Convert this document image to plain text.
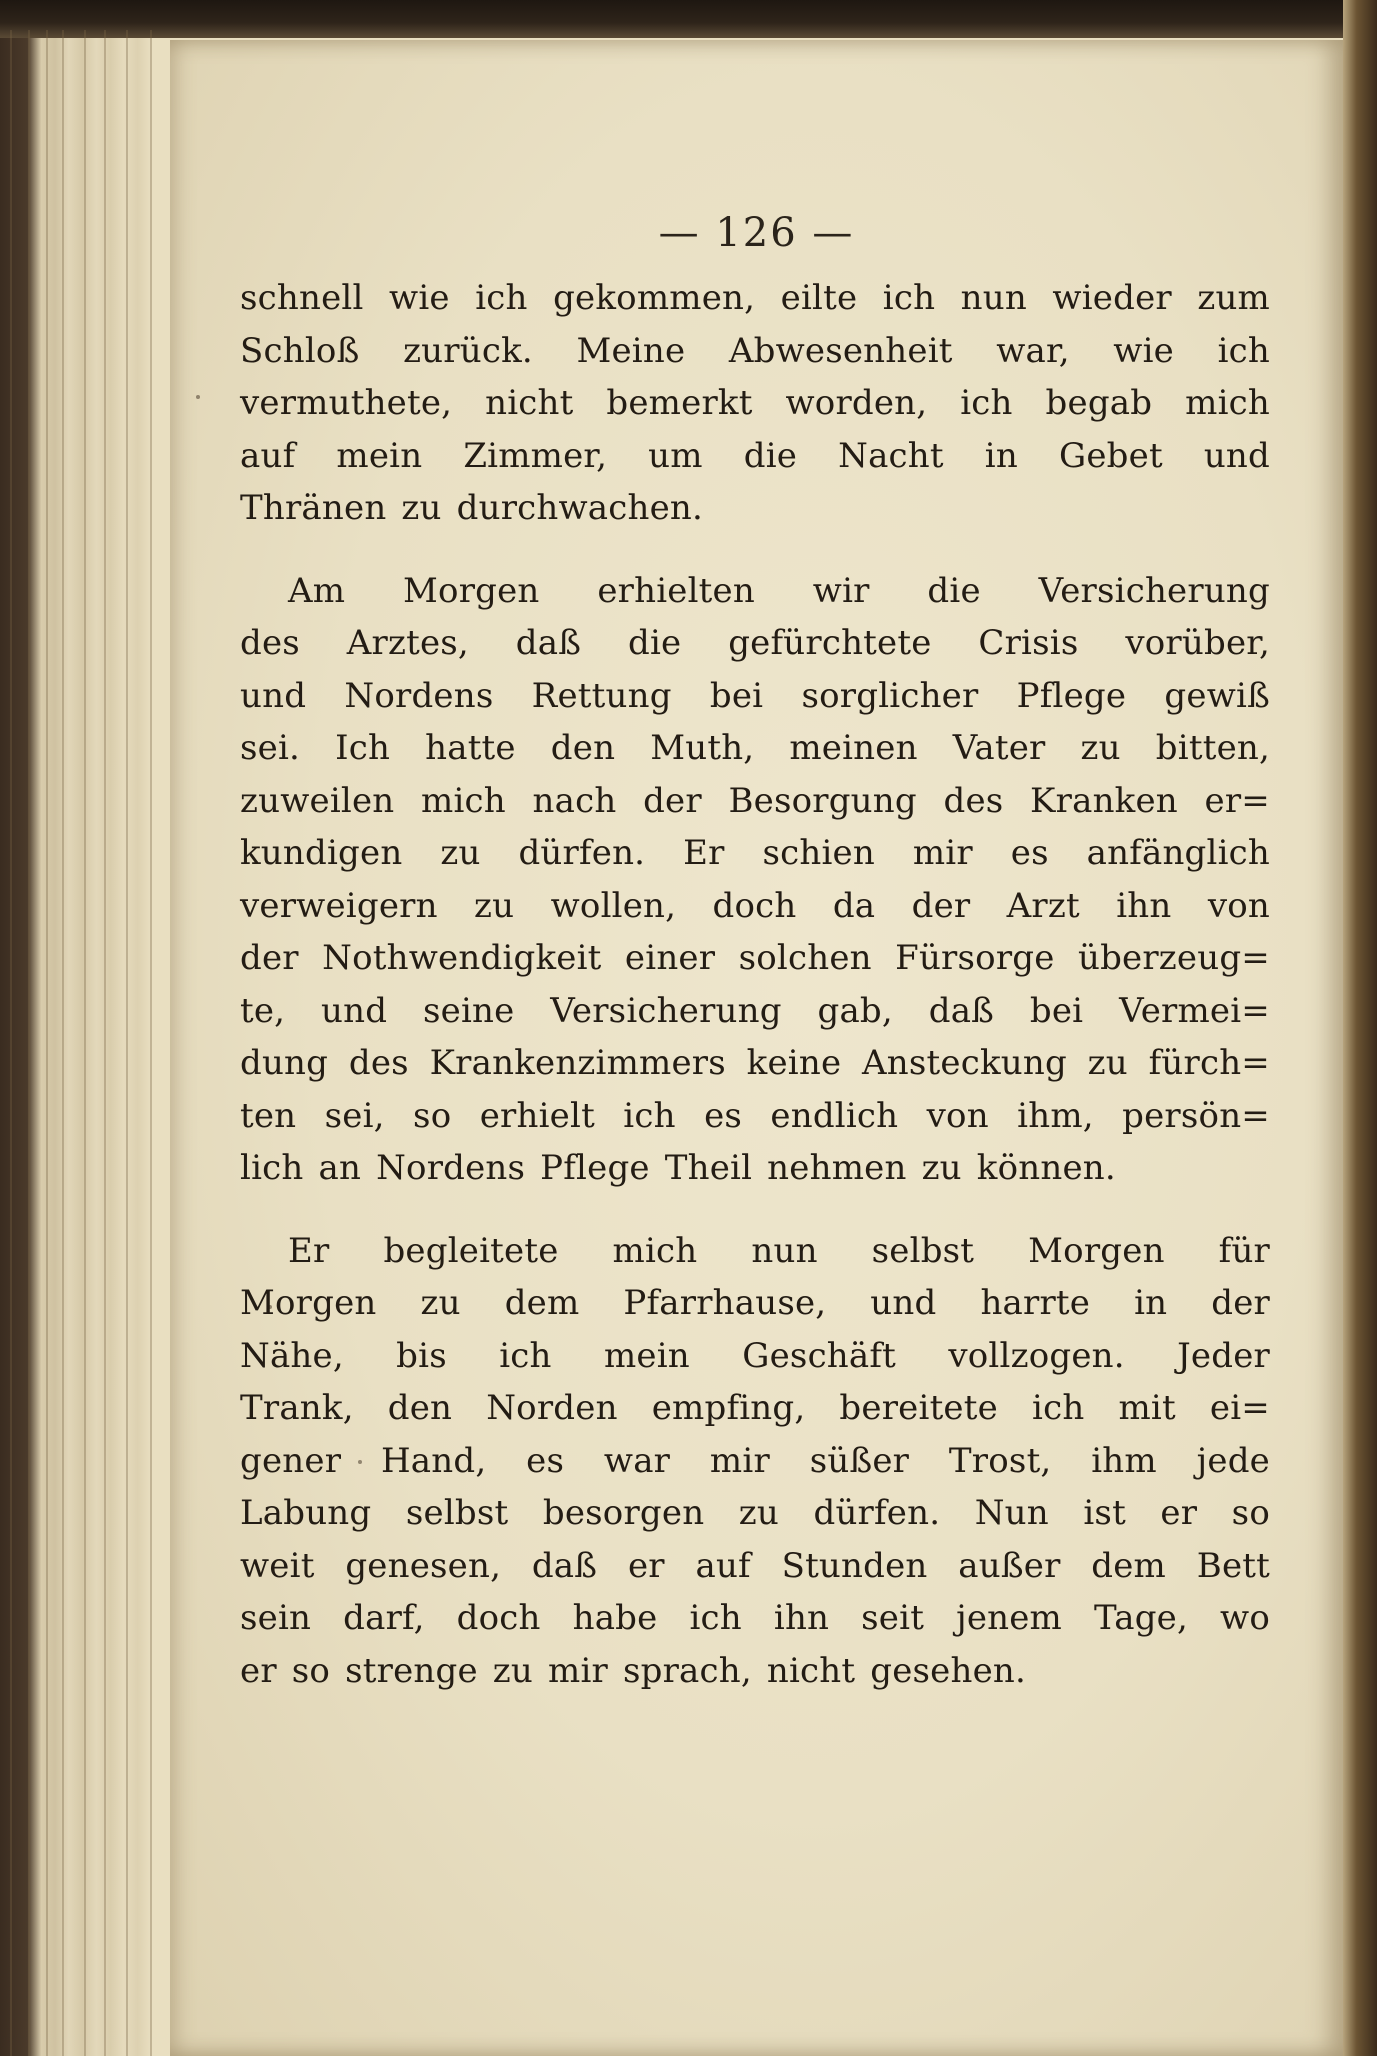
— 126 —
schnell wie ich gekommen, eilte ich nun wieder zum
Schloß zurück. Meine Abwesenheit war, wie ich
vermuthete, nicht bemerkt worden, ich begab mich
auf mein Zimmer, um die Nacht in Gebet und
Thränen zu durchwachen.
Am Morgen erhielten wir die Versicherung
des Arztes, daß die gefürchtete Crisis vorüber,
und Nordens Rettung bei sorglicher Pflege gewiß
sei. Ich hatte den Muth, meinen Vater zu bitten,
zuweilen mich nach der Besorgung des Kranken er=
kundigen zu dürfen. Er schien mir es anfänglich
verweigern zu wollen, doch da der Arzt ihn von
der Nothwendigkeit einer solchen Fürsorge überzeug=
te, und seine Versicherung gab, daß bei Vermei=
dung des Krankenzimmers keine Ansteckung zu fürch=
ten sei, so erhielt ich es endlich von ihm, persön=
lich an Nordens Pflege Theil nehmen zu können.
Er begleitete mich nun selbst Morgen für
Morgen zu dem Pfarrhause, und harrte in der
Nähe, bis ich mein Geschäft vollzogen. Jeder
Trank, den Norden empfing, bereitete ich mit ei=
gener Hand, es war mir süßer Trost, ihm jede
Labung selbst besorgen zu dürfen. Nun ist er so
weit genesen, daß er auf Stunden außer dem Bett
sein darf, doch habe ich ihn seit jenem Tage, wo
er so strenge zu mir sprach, nicht gesehen.
